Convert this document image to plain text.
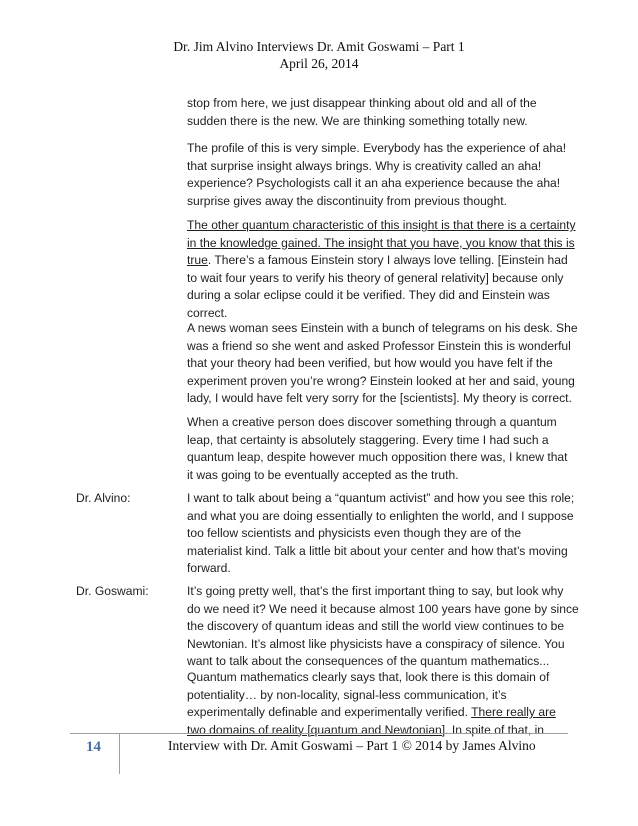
Dr. Jim Alvino Interviews Dr. Amit Goswami – Part 1
April 26, 2014
stop from here, we just disappear thinking about old and all of the
sudden there is the new. We are thinking something totally new.
The profile of this is very simple. Everybody has the experience of aha!
that surprise insight always brings. Why is creativity called an aha!
experience? Psychologists call it an aha experience because the aha!
surprise gives away the discontinuity from previous thought.
The other quantum characteristic of this insight is that there is a certainty
in the knowledge gained. The insight that you have, you know that this is
true. There’s a famous Einstein story I always love telling. [Einstein had
to wait four years to verify his theory of general relativity] because only
during a solar eclipse could it be verified. They did and Einstein was
correct.
A news woman sees Einstein with a bunch of telegrams on his desk. She
was a friend so she went and asked Professor Einstein this is wonderful
that your theory had been verified, but how would you have felt if the
experiment proven you’re wrong? Einstein looked at her and said, young
lady, I would have felt very sorry for the [scientists]. My theory is correct.
When a creative person does discover something through a quantum
leap, that certainty is absolutely staggering. Every time I had such a
quantum leap, despite however much opposition there was, I knew that
it was going to be eventually accepted as the truth.
Dr. Alvino:	I want to talk about being a “quantum activist” and how you see this role;
and what you are doing essentially to enlighten the world, and I suppose
too fellow scientists and physicists even though they are of the
materialist kind. Talk a little bit about your center and how that’s moving
forward.
Dr. Goswami:	It’s going pretty well, that’s the first important thing to say, but look why
do we need it? We need it because almost 100 years have gone by since
the discovery of quantum ideas and still the world view continues to be
Newtonian. It’s almost like physicists have a conspiracy of silence. You
want to talk about the consequences of the quantum mathematics...
Quantum mathematics clearly says that, look there is this domain of
potentiality… by non-locality, signal-less communication, it’s
experimentally definable and experimentally verified. There really are
two domains of reality [quantum and Newtonian]. In spite of that, in
14	Interview with Dr. Amit Goswami – Part 1 © 2014 by James Alvino
